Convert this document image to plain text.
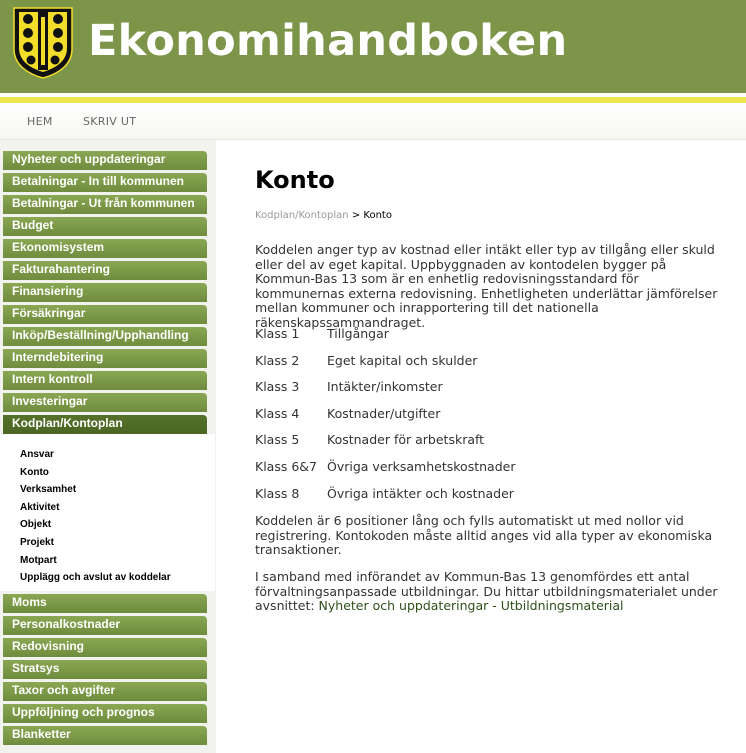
Ekonomihandboken
HEM	SKRIV UT
Nyheter och uppdateringar
Betalningar - In till kommunen
Betalningar - Ut från kommunen
Budget
Ekonomisystem
Fakturahantering
Finansiering
Försäkringar
Inköp/Beställning/Upphandling
Interndebitering
Intern kontroll
Investeringar
Kodplan/Kontoplan
Ansvar
Konto
Verksamhet
Aktivitet
Objekt
Projekt
Motpart
Upplägg och avslut av koddelar
Moms
Personalkostnader
Redovisning
Stratsys
Taxor och avgifter
Uppföljning och prognos
Blanketter
Konto
Kodplan/Kontoplan > Konto

Koddelen anger typ av kostnad eller intäkt eller typ av tillgång eller skuld eller del av eget kapital. Uppbyggnaden av kontodelen bygger på Kommun-Bas 13 som är en enhetlig redovisningsstandard för kommunernas externa redovisning. Enhetligheten underlättar jämförelser mellan kommuner och inrapportering till det nationella räkenskapssammandraget.

Klass 1 Tillgångar
Klass 2 Eget kapital och skulder
Klass 3 Intäkter/inkomster
Klass 4 Kostnader/utgifter
Klass 5 Kostnader för arbetskraft
Klass 6&7 Övriga verksamhetskostnader
Klass 8 Övriga intäkter och kostnader

Koddelen är 6 positioner lång och fylls automatiskt ut med nollor vid registrering. Kontokoden måste alltid anges vid alla typer av ekonomiska transaktioner.

I samband med införandet av Kommun-Bas 13 genomfördes ett antal förvaltningsanpassade utbildningar. Du hittar utbildningsmaterialet under avsnittet: Nyheter och uppdateringar - Utbildningsmaterial
